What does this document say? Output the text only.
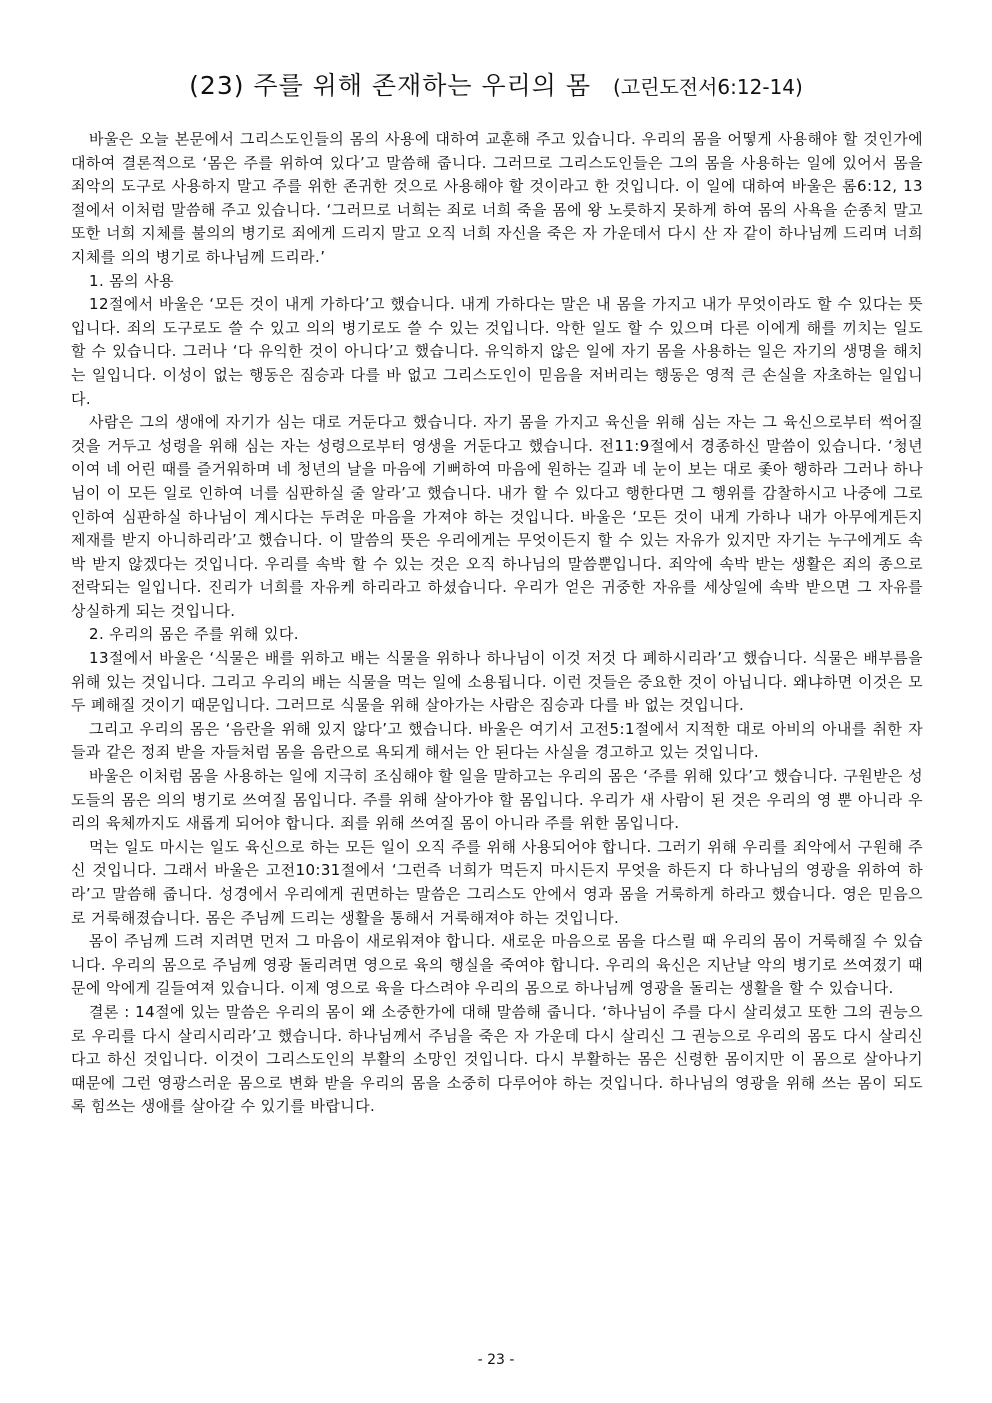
(23) 주를 위해 존재하는 우리의 몸 (고린도전서6:12-14)

바울은 오늘 본문에서 그리스도인들의 몸의 사용에 대하여 교훈해 주고 있습니다. 우리의 몸을 어떻게 사용해야 할 것인가에 대하여 결론적으로 ‘몸은 주를 위하여 있다’고 말씀해 줍니다. 그러므로 그리스도인들은 그의 몸을 사용하는 일에 있어서 몸을 죄악의 도구로 사용하지 말고 주를 위한 존귀한 것으로 사용해야 할 것이라고 한 것입니다. 이 일에 대하여 바울은 롬6:12, 13절에서 이처럼 말씀해 주고 있습니다. ‘그러므로 너희는 죄로 너희 죽을 몸에 왕 노릇하지 못하게 하여 몸의 사욕을 순종치 말고 또한 너희 지체를 불의의 병기로 죄에게 드리지 말고 오직 너희 자신을 죽은 자 가운데서 다시 산 자 같이 하나님께 드리며 너희 지체를 의의 병기로 하나님께 드리라.’

1. 몸의 사용

12절에서 바울은 ‘모든 것이 내게 가하다’고 했습니다. 내게 가하다는 말은 내 몸을 가지고 내가 무엇이라도 할 수 있다는 뜻입니다. 죄의 도구로도 쓸 수 있고 의의 병기로도 쓸 수 있는 것입니다. 악한 일도 할 수 있으며 다른 이에게 해를 끼치는 일도 할 수 있습니다. 그러나 ‘다 유익한 것이 아니다’고 했습니다. 유익하지 않은 일에 자기 몸을 사용하는 일은 자기의 생명을 해치는 일입니다. 이성이 없는 행동은 짐승과 다를 바 없고 그리스도인이 믿음을 저버리는 행동은 영적 큰 손실을 자초하는 일입니다.

사람은 그의 생애에 자기가 심는 대로 거둔다고 했습니다. 자기 몸을 가지고 육신을 위해 심는 자는 그 육신으로부터 썩어질 것을 거두고 성령을 위해 심는 자는 성령으로부터 영생을 거둔다고 했습니다. 전11:9절에서 경종하신 말씀이 있습니다. ‘청년이여 네 어린 때를 즐거워하며 네 청년의 날을 마음에 기뻐하여 마음에 원하는 길과 네 눈이 보는 대로 좇아 행하라 그러나 하나님이 이 모든 일로 인하여 너를 심판하실 줄 알라’고 했습니다. 내가 할 수 있다고 행한다면 그 행위를 감찰하시고 나중에 그로 인하여 심판하실 하나님이 계시다는 두려운 마음을 가져야 하는 것입니다. 바울은 ‘모든 것이 내게 가하나 내가 아무에게든지 제재를 받지 아니하리라’고 했습니다. 이 말씀의 뜻은 우리에게는 무엇이든지 할 수 있는 자유가 있지만 자기는 누구에게도 속박 받지 않겠다는 것입니다. 우리를 속박 할 수 있는 것은 오직 하나님의 말씀뿐입니다. 죄악에 속박 받는 생활은 죄의 종으로 전락되는 일입니다. 진리가 너희를 자유케 하리라고 하셨습니다. 우리가 얻은 귀중한 자유를 세상일에 속박 받으면 그 자유를 상실하게 되는 것입니다.

2. 우리의 몸은 주를 위해 있다.

13절에서 바울은 ‘식물은 배를 위하고 배는 식물을 위하나 하나님이 이것 저것 다 폐하시리라’고 했습니다. 식물은 배부름을 위해 있는 것입니다. 그리고 우리의 배는 식물을 먹는 일에 소용됩니다. 이런 것들은 중요한 것이 아닙니다. 왜냐하면 이것은 모두 폐해질 것이기 때문입니다. 그러므로 식물을 위해 살아가는 사람은 짐승과 다를 바 없는 것입니다.

그리고 우리의 몸은 ‘음란을 위해 있지 않다’고 했습니다. 바울은 여기서 고전5:1절에서 지적한 대로 아비의 아내를 취한 자들과 같은 정죄 받을 자들처럼 몸을 음란으로 욕되게 해서는 안 된다는 사실을 경고하고 있는 것입니다.

바울은 이처럼 몸을 사용하는 일에 지극히 조심해야 할 일을 말하고는 우리의 몸은 ‘주를 위해 있다’고 했습니다. 구원받은 성도들의 몸은 의의 병기로 쓰여질 몸입니다. 주를 위해 살아가야 할 몸입니다. 우리가 새 사람이 된 것은 우리의 영 뿐 아니라 우리의 육체까지도 새롭게 되어야 합니다. 죄를 위해 쓰여질 몸이 아니라 주를 위한 몸입니다.

먹는 일도 마시는 일도 육신으로 하는 모든 일이 오직 주를 위해 사용되어야 합니다. 그러기 위해 우리를 죄악에서 구원해 주신 것입니다. 그래서 바울은 고전10:31절에서 ‘그런즉 너희가 먹든지 마시든지 무엇을 하든지 다 하나님의 영광을 위하여 하라’고 말씀해 줍니다. 성경에서 우리에게 권면하는 말씀은 그리스도 안에서 영과 몸을 거룩하게 하라고 했습니다. 영은 믿음으로 거룩해졌습니다. 몸은 주님께 드리는 생활을 통해서 거룩해져야 하는 것입니다.

몸이 주님께 드려 지려면 먼저 그 마음이 새로워져야 합니다. 새로운 마음으로 몸을 다스릴 때 우리의 몸이 거룩해질 수 있습니다. 우리의 몸으로 주님께 영광 돌리려면 영으로 육의 행실을 죽여야 합니다. 우리의 육신은 지난날 악의 병기로 쓰여졌기 때문에 악에게 길들여져 있습니다. 이제 영으로 육을 다스려야 우리의 몸으로 하나님께 영광을 돌리는 생활을 할 수 있습니다.

결론 : 14절에 있는 말씀은 우리의 몸이 왜 소중한가에 대해 말씀해 줍니다. ‘하나님이 주를 다시 살리셨고 또한 그의 권능으로 우리를 다시 살리시리라’고 했습니다. 하나님께서 주님을 죽은 자 가운데 다시 살리신 그 권능으로 우리의 몸도 다시 살리신다고 하신 것입니다. 이것이 그리스도인의 부활의 소망인 것입니다. 다시 부활하는 몸은 신령한 몸이지만 이 몸으로 살아나기 때문에 그런 영광스러운 몸으로 변화 받을 우리의 몸을 소중히 다루어야 하는 것입니다. 하나님의 영광을 위해 쓰는 몸이 되도록 힘쓰는 생애를 살아갈 수 있기를 바랍니다.

- 23 -
